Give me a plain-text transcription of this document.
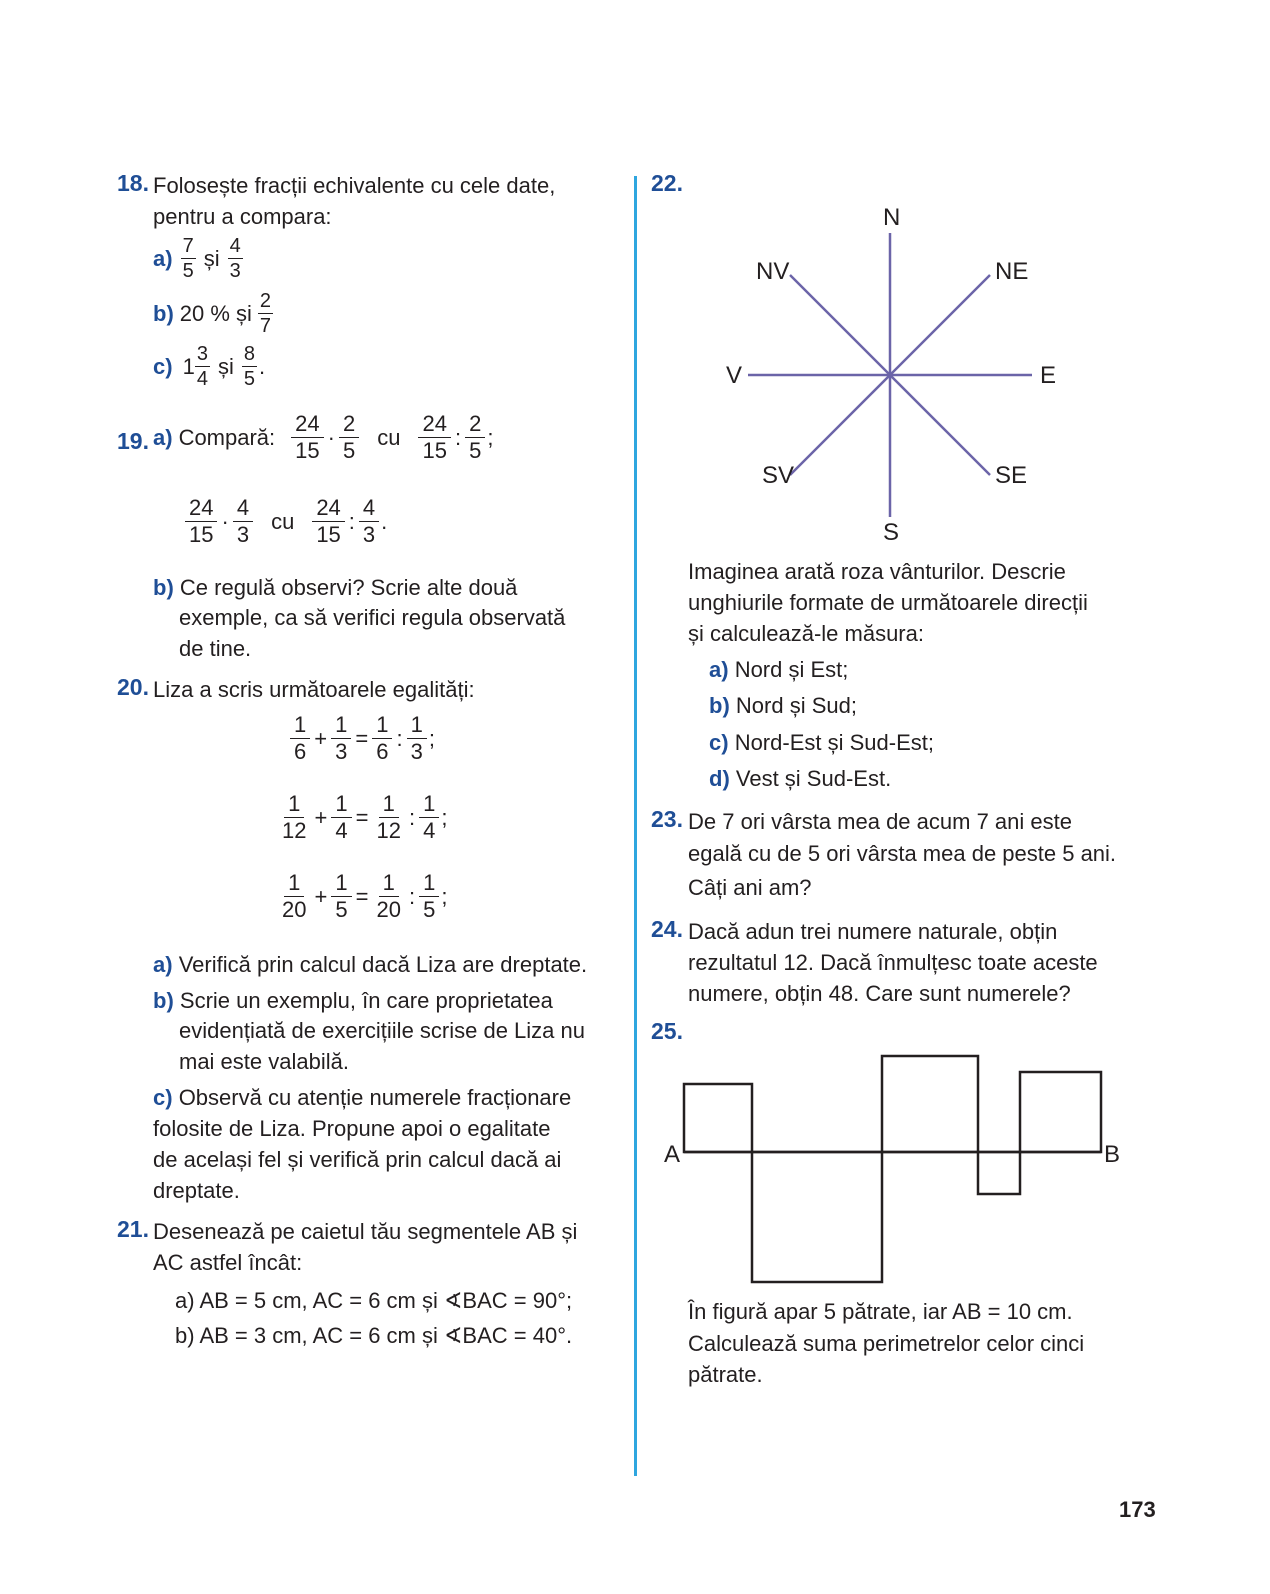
18. Folosește fracții echivalente cu cele date,
pentru a compara:
$a) \frac{7}{5}$ și $\frac{4}{3}$
b) 20 % și $\frac{2}{7}$
c) $1 \frac{3}{4}$ și $\frac{8}{5}$ .
19. a) Compară: $\frac{24}{15} \cdot \frac{2}{5}$ cu $\frac{24}{15}$ : $\frac{2}{5}$ ;
$\frac{24}{15} \cdot \frac{4}{3}$ cu $\frac{24}{15}$ : $\frac{4}{3}$ .
b) Ce regulă observi? Scrie alte două
exemple, ca să verifici regula observată
de tine.
20. Liza a scris următoarele egalități:
$\frac{1}{6} + \frac{1}{3} = \frac{1}{6}$ : $\frac{1}{3}$ ;
$\frac{1}{12} + \frac{1}{4} = \frac{1}{12}$ : $\frac{1}{4}$ ;
$\frac{1}{20} + \frac{1}{5} = \frac{1}{20}$ : $\frac{1}{5}$ ;
a) Verifică prin calcul dacă Liza are dreptate.
b) Scrie un exemplu, în care proprietatea
evidențiată de exercițiile scrise de Liza nu
mai este valabilă.
c) Observă cu atenție numerele fracționare
folosite de Liza. Propune apoi o egalitate
de același fel și verifică prin calcul dacă ai
dreptate.
21. Desenează pe caietul tău segmentele AB și
AC astfel încât:
a) AB = 5 cm, AC = 6 cm și ∢BAC = 90°;
b) AB = 3 cm, AC = 6 cm și ∢BAC = 40°.
22.
N
NE
E
SE
S
SV
V
NV
Imaginea arată roza vânturilor. Descrie
unghiurile formate de următoarele direcții
și calculează-le măsura:
a) Nord și Est;
b) Nord și Sud;
c) Nord-Est și Sud-Est;
d) Vest și Sud-Est.
23. De 7 ori vârsta mea de acum 7 ani este
egală cu de 5 ori vârsta mea de peste 5 ani.
Câți ani am?
24. Dacă adun trei numere naturale, obțin
rezultatul 12. Dacă înmulțesc toate aceste
numere, obțin 48. Care sunt numerele?
25.
A	B
În figură apar 5 pătrate, iar AB = 10 cm.
Calculează suma perimetrelor celor cinci
pătrate.
173
